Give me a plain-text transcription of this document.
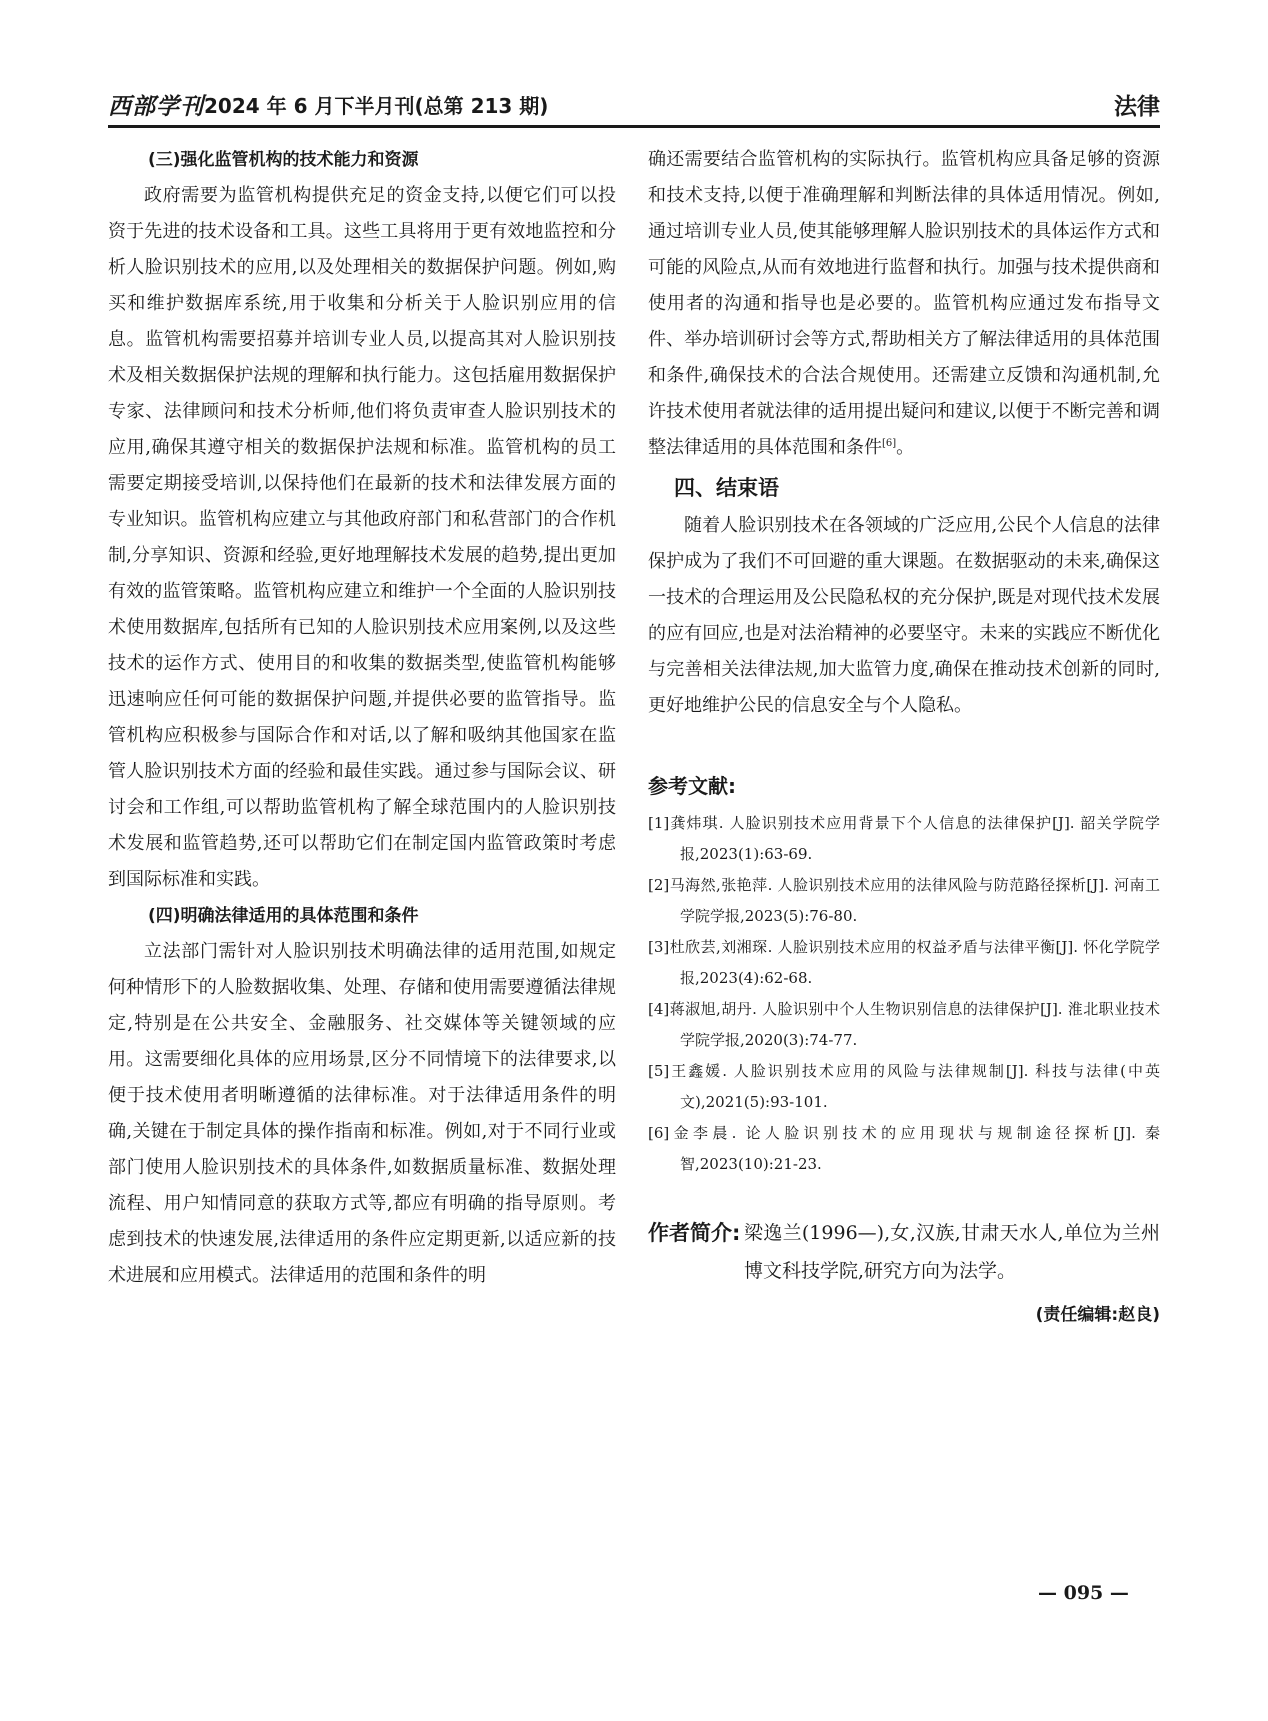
西部学刊 2024 年 6 月下半月刊(总第 213 期)	法律
(三)强化监管机构的技术能力和资源

政府需要为监管机构提供充足的资金支持,以便它们可以投资于先进的技术设备和工具。这些工具将用于更有效地监控和分析人脸识别技术的应用,以及处理相关的数据保护问题。例如,购买和维护数据库系统,用于收集和分析关于人脸识别应用的信息。监管机构需要招募并培训专业人员,以提高其对人脸识别技术及相关数据保护法规的理解和执行能力。这包括雇用数据保护专家、法律顾问和技术分析师,他们将负责审查人脸识别技术的应用,确保其遵守相关的数据保护法规和标准。监管机构的员工需要定期接受培训,以保持他们在最新的技术和法律发展方面的专业知识。监管机构应建立与其他政府部门和私营部门的合作机制,分享知识、资源和经验,更好地理解技术发展的趋势,提出更加有效的监管策略。监管机构应建立和维护一个全面的人脸识别技术使用数据库,包括所有已知的人脸识别技术应用案例,以及这些技术的运作方式、使用目的和收集的数据类型,使监管机构能够迅速响应任何可能的数据保护问题,并提供必要的监管指导。监管机构应积极参与国际合作和对话,以了解和吸纳其他国家在监管人脸识别技术方面的经验和最佳实践。通过参与国际会议、研讨会和工作组,可以帮助监管机构了解全球范围内的人脸识别技术发展和监管趋势,还可以帮助它们在制定国内监管政策时考虑到国际标准和实践。

(四)明确法律适用的具体范围和条件

立法部门需针对人脸识别技术明确法律的适用范围,如规定何种情形下的人脸数据收集、处理、存储和使用需要遵循法律规定,特别是在公共安全、金融服务、社交媒体等关键领域的应用。这需要细化具体的应用场景,区分不同情境下的法律要求,以便于技术使用者明晰遵循的法律标准。对于法律适用条件的明确,关键在于制定具体的操作指南和标准。例如,对于不同行业或部门使用人脸识别技术的具体条件,如数据质量标准、数据处理流程、用户知情同意的获取方式等,都应有明确的指导原则。考虑到技术的快速发展,法律适用的条件应定期更新,以适应新的技术进展和应用模式。法律适用的范围和条件的明

确还需要结合监管机构的实际执行。监管机构应具备足够的资源和技术支持,以便于准确理解和判断法律的具体适用情况。例如,通过培训专业人员,使其能够理解人脸识别技术的具体运作方式和可能的风险点,从而有效地进行监督和执行。加强与技术提供商和使用者的沟通和指导也是必要的。监管机构应通过发布指导文件、举办培训研讨会等方式,帮助相关方了解法律适用的具体范围和条件,确保技术的合法合规使用。还需建立反馈和沟通机制,允许技术使用者就法律的适用提出疑问和建议,以便于不断完善和调整法律适用的具体范围和条件[6]。

四、结束语

随着人脸识别技术在各领域的广泛应用,公民个人信息的法律保护成为了我们不可回避的重大课题。在数据驱动的未来,确保这一技术的合理运用及公民隐私权的充分保护,既是对现代技术发展的应有回应,也是对法治精神的必要坚守。未来的实践应不断优化与完善相关法律法规,加大监管力度,确保在推动技术创新的同时,更好地维护公民的信息安全与个人隐私。

参考文献:

[1]龚炜琪. 人脸识别技术应用背景下个人信息的法律保护[J]. 韶关学院学报,2023(1):63-69.

[2]马海然,张艳萍. 人脸识别技术应用的法律风险与防范路径探析[J]. 河南工学院学报,2023(5):76-80.

[3]杜欣芸,刘湘琛. 人脸识别技术应用的权益矛盾与法律平衡[J]. 怀化学院学报,2023(4):62-68.

[4]蒋淑旭,胡丹. 人脸识别中个人生物识别信息的法律保护[J]. 淮北职业技术学院学报,2020(3):74-77.

[5]王鑫媛. 人脸识别技术应用的风险与法律规制[J]. 科技与法律(中英文),2021(5):93-101.

[6]金李晨. 论人脸识别技术的应用现状与规制途径探析[J]. 秦智,2023(10):21-23.

作者简介: 梁逸兰(1996—),女,汉族,甘肃天水人,单位为兰州博文科技学院,研究方向为法学。
(责任编辑:赵良)
— 095 —
